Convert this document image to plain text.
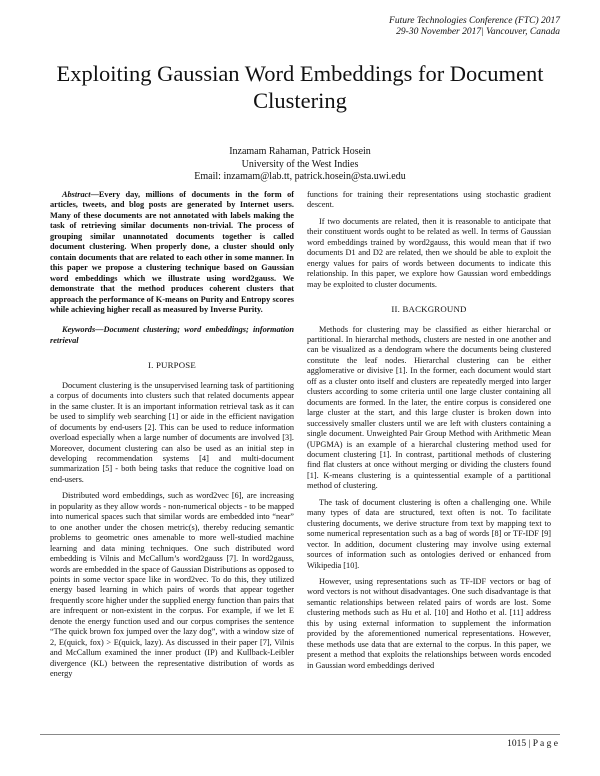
Future Technologies Conference (FTC) 2017
29-30 November 2017| Vancouver, Canada
Exploiting Gaussian Word Embeddings for Document Clustering
Inzamam Rahaman, Patrick Hosein
University of the West Indies
Email: inzamam@lab.tt, patrick.hosein@sta.uwi.edu

Abstract—Every day, millions of documents in the form of articles, tweets, and blog posts are generated by Internet users. Many of these documents are not annotated with labels making the task of retrieving similar documents non-trivial. The process of grouping similar unannotated documents together is called document clustering. When properly done, a cluster should only contain documents that are related to each other in some manner. In this paper we propose a clustering technique based on Gaussian word embeddings which we illustrate using word2gauss. We demonstrate that the method produces coherent clusters that approach the performance of K-means on Purity and Entropy scores while achieving higher recall as measured by Inverse Purity.

Keywords—Document clustering; word embeddings; information retrieval

I. PURPOSE

Document clustering is the unsupervised learning task of partitioning a corpus of documents into clusters such that related documents appear in the same cluster. It is an important information retrieval task as it can be used to simplify web searching [1] or aide in the efficient navigation of documents by end-users [2]. This can be used to reduce information overload especially when a large number of documents are involved [3]. Moreover, document clustering can also be used as an initial step in developing recommendation systems [4] and multi-document summarization [5] - both being tasks that reduce the cognitive load on end-users.

Distributed word embeddings, such as word2vec [6], are increasing in popularity as they allow words - non-numerical objects - to be mapped into numerical spaces such that similar words are embedded into “near” to one another under the chosen metric(s), thereby reducing semantic problems to geometric ones amenable to more well-studied machine learning and data mining techniques. One such distributed word embedding is Vilnis and McCallum’s word2gauss [7]. In word2gauss, words are embedded in the space of Gaussian Distributions as opposed to points in some vector space like in word2vec. To do this, they utilized energy based learning in which pairs of words that appear together frequently score higher under the supplied energy function than pairs that are infrequent or non-existent in the corpus. For example, if we let E denote the energy function used and our corpus comprises the sentence “The quick brown fox jumped over the lazy dog”, with a window size of 2, E(quick, fox) > E(quick, lazy). As discussed in their paper [7], Vilnis and McCallum examined the inner product (IP) and Kullback-Leibler divergence (KL) between the representative distribution of words as energy

functions for training their representations using stochastic gradient descent.

If two documents are related, then it is reasonable to anticipate that their constituent words ought to be related as well. In terms of Gaussian word embeddings trained by word2gauss, this would mean that if two documents D1 and D2 are related, then we should be able to exploit the energy values for pairs of words between documents to indicate this relationship. In this paper, we explore how Gaussian word embeddings may be exploited to cluster documents.

II. BACKGROUND

Methods for clustering may be classified as either hierarchal or partitional. In hierarchal methods, clusters are nested in one another and can be visualized as a dendogram where the documents being clustered constitute the leaf nodes. Hierarchal clustering can be either agglomerative or divisive [1]. In the former, each document would start off as a cluster onto itself and clusters are repeatedly merged into larger clusters according to some criteria until one large cluster containing all documents are formed. In the later, the entire corpus is considered one large cluster at the start, and this large cluster is broken down into successively smaller clusters until we are left with clusters containing a single document. Unweighted Pair Group Method with Arithmetic Mean (UPGMA) is an example of a hierarchal clustering method used for document clustering [1]. In contrast, partitional methods of clustering find flat clusters at once without merging or dividing the clusters found [1]. K-means clustering is a quintessential example of a partitional method of clustering.

The task of document clustering is often a challenging one. While many types of data are structured, text often is not. To facilitate clustering documents, we derive structure from text by mapping text to some numerical representation such as a bag of words [8] or TF-IDF [9] vector. In addition, document clustering may involve using external sources of information such as ontologies derived or enhanced from Wikipedia [10].

However, using representations such as TF-IDF vectors or bag of word vectors is not without disadvantages. One such disadvantage is that semantic relationships between related pairs of words are lost. Some clustering methods such as Hu et al. [10] and Hotho et al. [11] address this by using external information to supplement the information provided by the aforementioned numerical representations. However, these methods use data that are external to the corpus. In this paper, we present a method that exploits the relationships between words encoded in Gaussian word embeddings derived

1015 | P a g e
